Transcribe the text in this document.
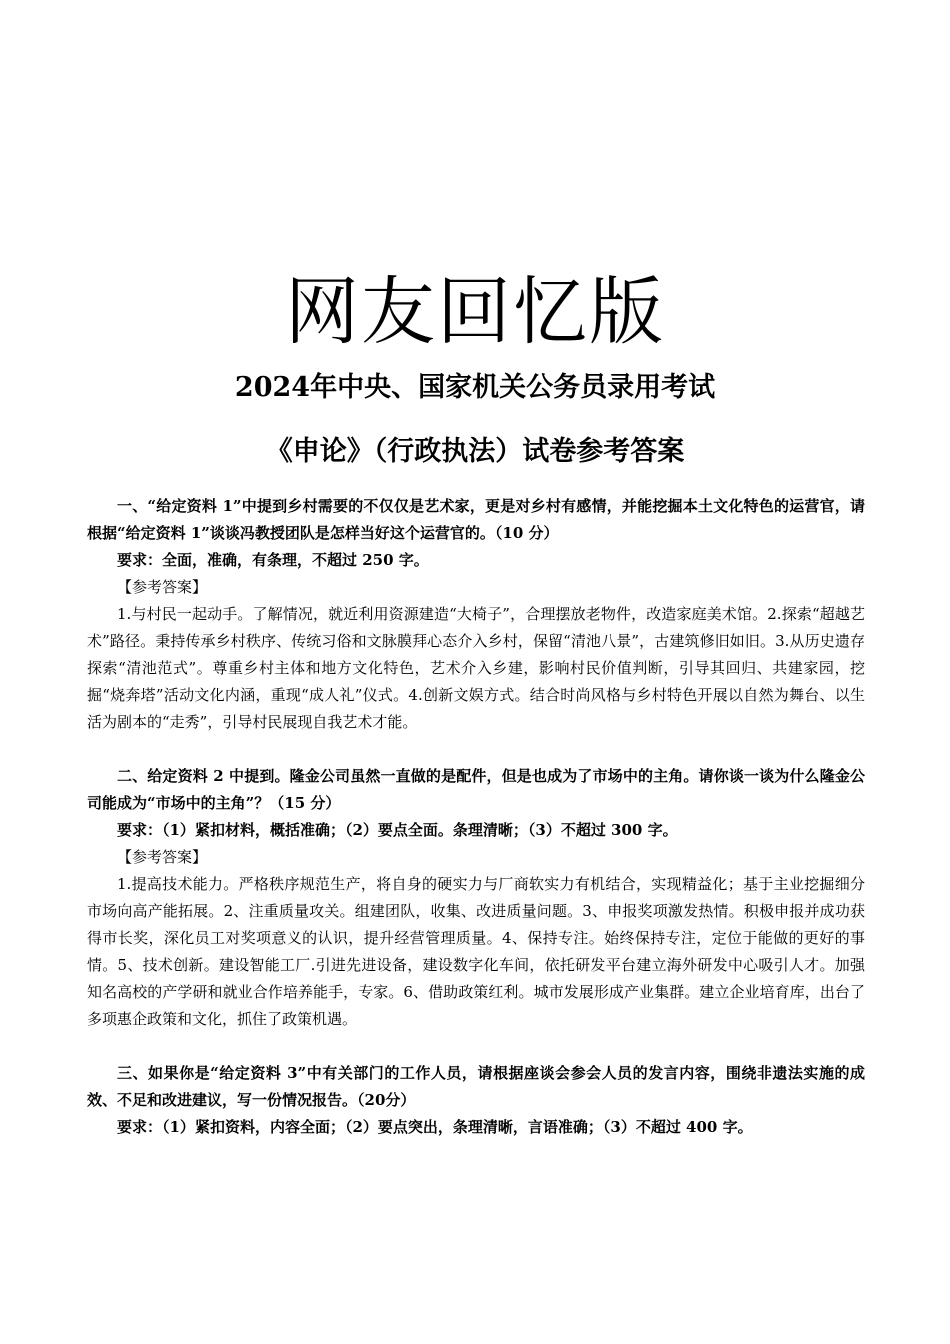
网友回忆版
2024年中央、国家机关公务员录用考试
《申论》（行政执法）试卷参考答案

一、“给定资料 1”中提到乡村需要的不仅仅是艺术家，更是对乡村有感情，并能挖掘本土文化特色的运营官，请根据“给定资料 1”谈谈冯教授团队是怎样当好这个运营官的。（10 分）

要求：全面，准确，有条理，不超过 250 字。

【参考答案】

1.与村民一起动手。了解情况，就近利用资源建造“大椅子”，合理摆放老物件，改造家庭美术馆。2.探索“超越艺术”路径。秉持传承乡村秩序、传统习俗和文脉膜拜心态介入乡村，保留“清池八景”，古建筑修旧如旧。3.从历史遗存探索“清池范式”。尊重乡村主体和地方文化特色，艺术介入乡建，影响村民价值判断，引导其回归、共建家园，挖掘“烧奔塔”活动文化内涵，重现“成人礼”仪式。4.创新文娱方式。结合时尚风格与乡村特色开展以自然为舞台、以生活为剧本的“走秀”，引导村民展现自我艺术才能。

二、给定资料 2 中提到。隆金公司虽然一直做的是配件，但是也成为了市场中的主角。请你谈一谈为什么隆金公司能成为“市场中的主角”？（15 分）

要求：（1）紧扣材料，概括准确；（2）要点全面。条理清晰；（3）不超过 300 字。

【参考答案】

1.提高技术能力。严格秩序规范生产，将自身的硬实力与厂商软实力有机结合，实现精益化；基于主业挖掘细分市场向高产能拓展。2、注重质量攻关。组建团队，收集、改进质量问题。3、申报奖项激发热情。积极申报并成功获得市长奖，深化员工对奖项意义的认识，提升经营管理质量。4、保持专注。始终保持专注，定位于能做的更好的事情。5、技术创新。建设智能工厂.引进先进设备，建设数字化车间，依托研发平台建立海外研发中心吸引人才。加强知名高校的产学研和就业合作培养能手，专家。6、借助政策红利。城市发展形成产业集群。建立企业培育库，出台了多项惠企政策和文化，抓住了政策机遇。

三、如果你是“给定资料 3”中有关部门的工作人员，请根据座谈会参会人员的发言内容，围绕非遗法实施的成效、不足和改进建议，写一份情况报告。（20分）

要求：（1）紧扣资料，内容全面；（2）要点突出，条理清晰，言语准确；（3）不超过 400 字。
